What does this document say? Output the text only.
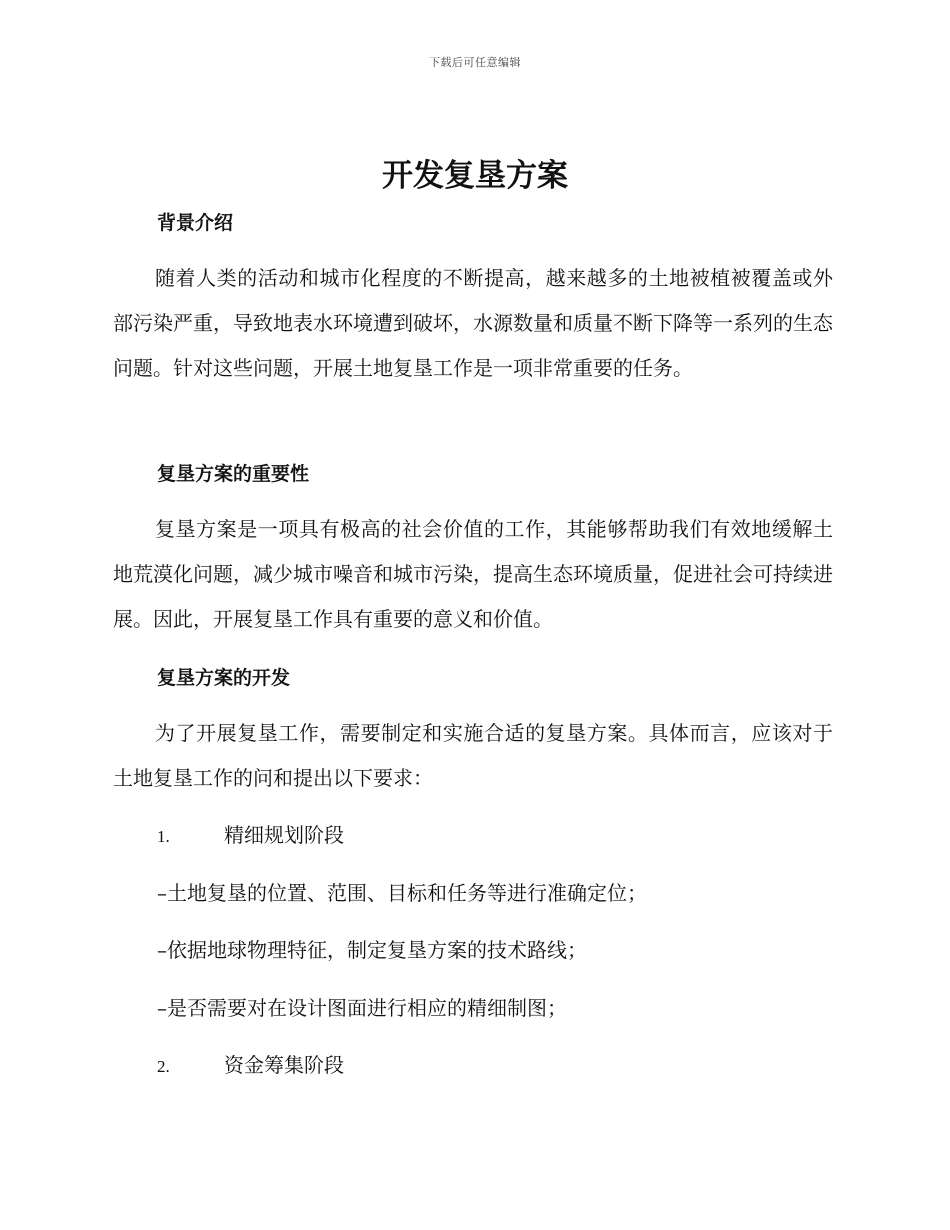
下载后可任意编辑
开发复垦方案
背景介绍

随着人类的活动和城市化程度的不断提高，越来越多的土地被植被覆盖或外部污染严重，导致地表水环境遭到破坏，水源数量和质量不断下降等一系列的生态问题。针对这些问题，开展土地复垦工作是一项非常重要的任务。

复垦方案的重要性

复垦方案是一项具有极高的社会价值的工作，其能够帮助我们有效地缓解土地荒漠化问题，减少城市噪音和城市污染，提高生态环境质量，促进社会可持续进展。因此，开展复垦工作具有重要的意义和价值。

复垦方案的开发

为了开展复垦工作，需要制定和实施合适的复垦方案。具体而言，应该对于土地复垦工作的问和提出以下要求：

1.	精细规划阶段
–土地复垦的位置、范围、目标和任务等进行准确定位；
–依据地球物理特征，制定复垦方案的技术路线；
–是否需要对在设计图面进行相应的精细制图；
2.	资金筹集阶段
